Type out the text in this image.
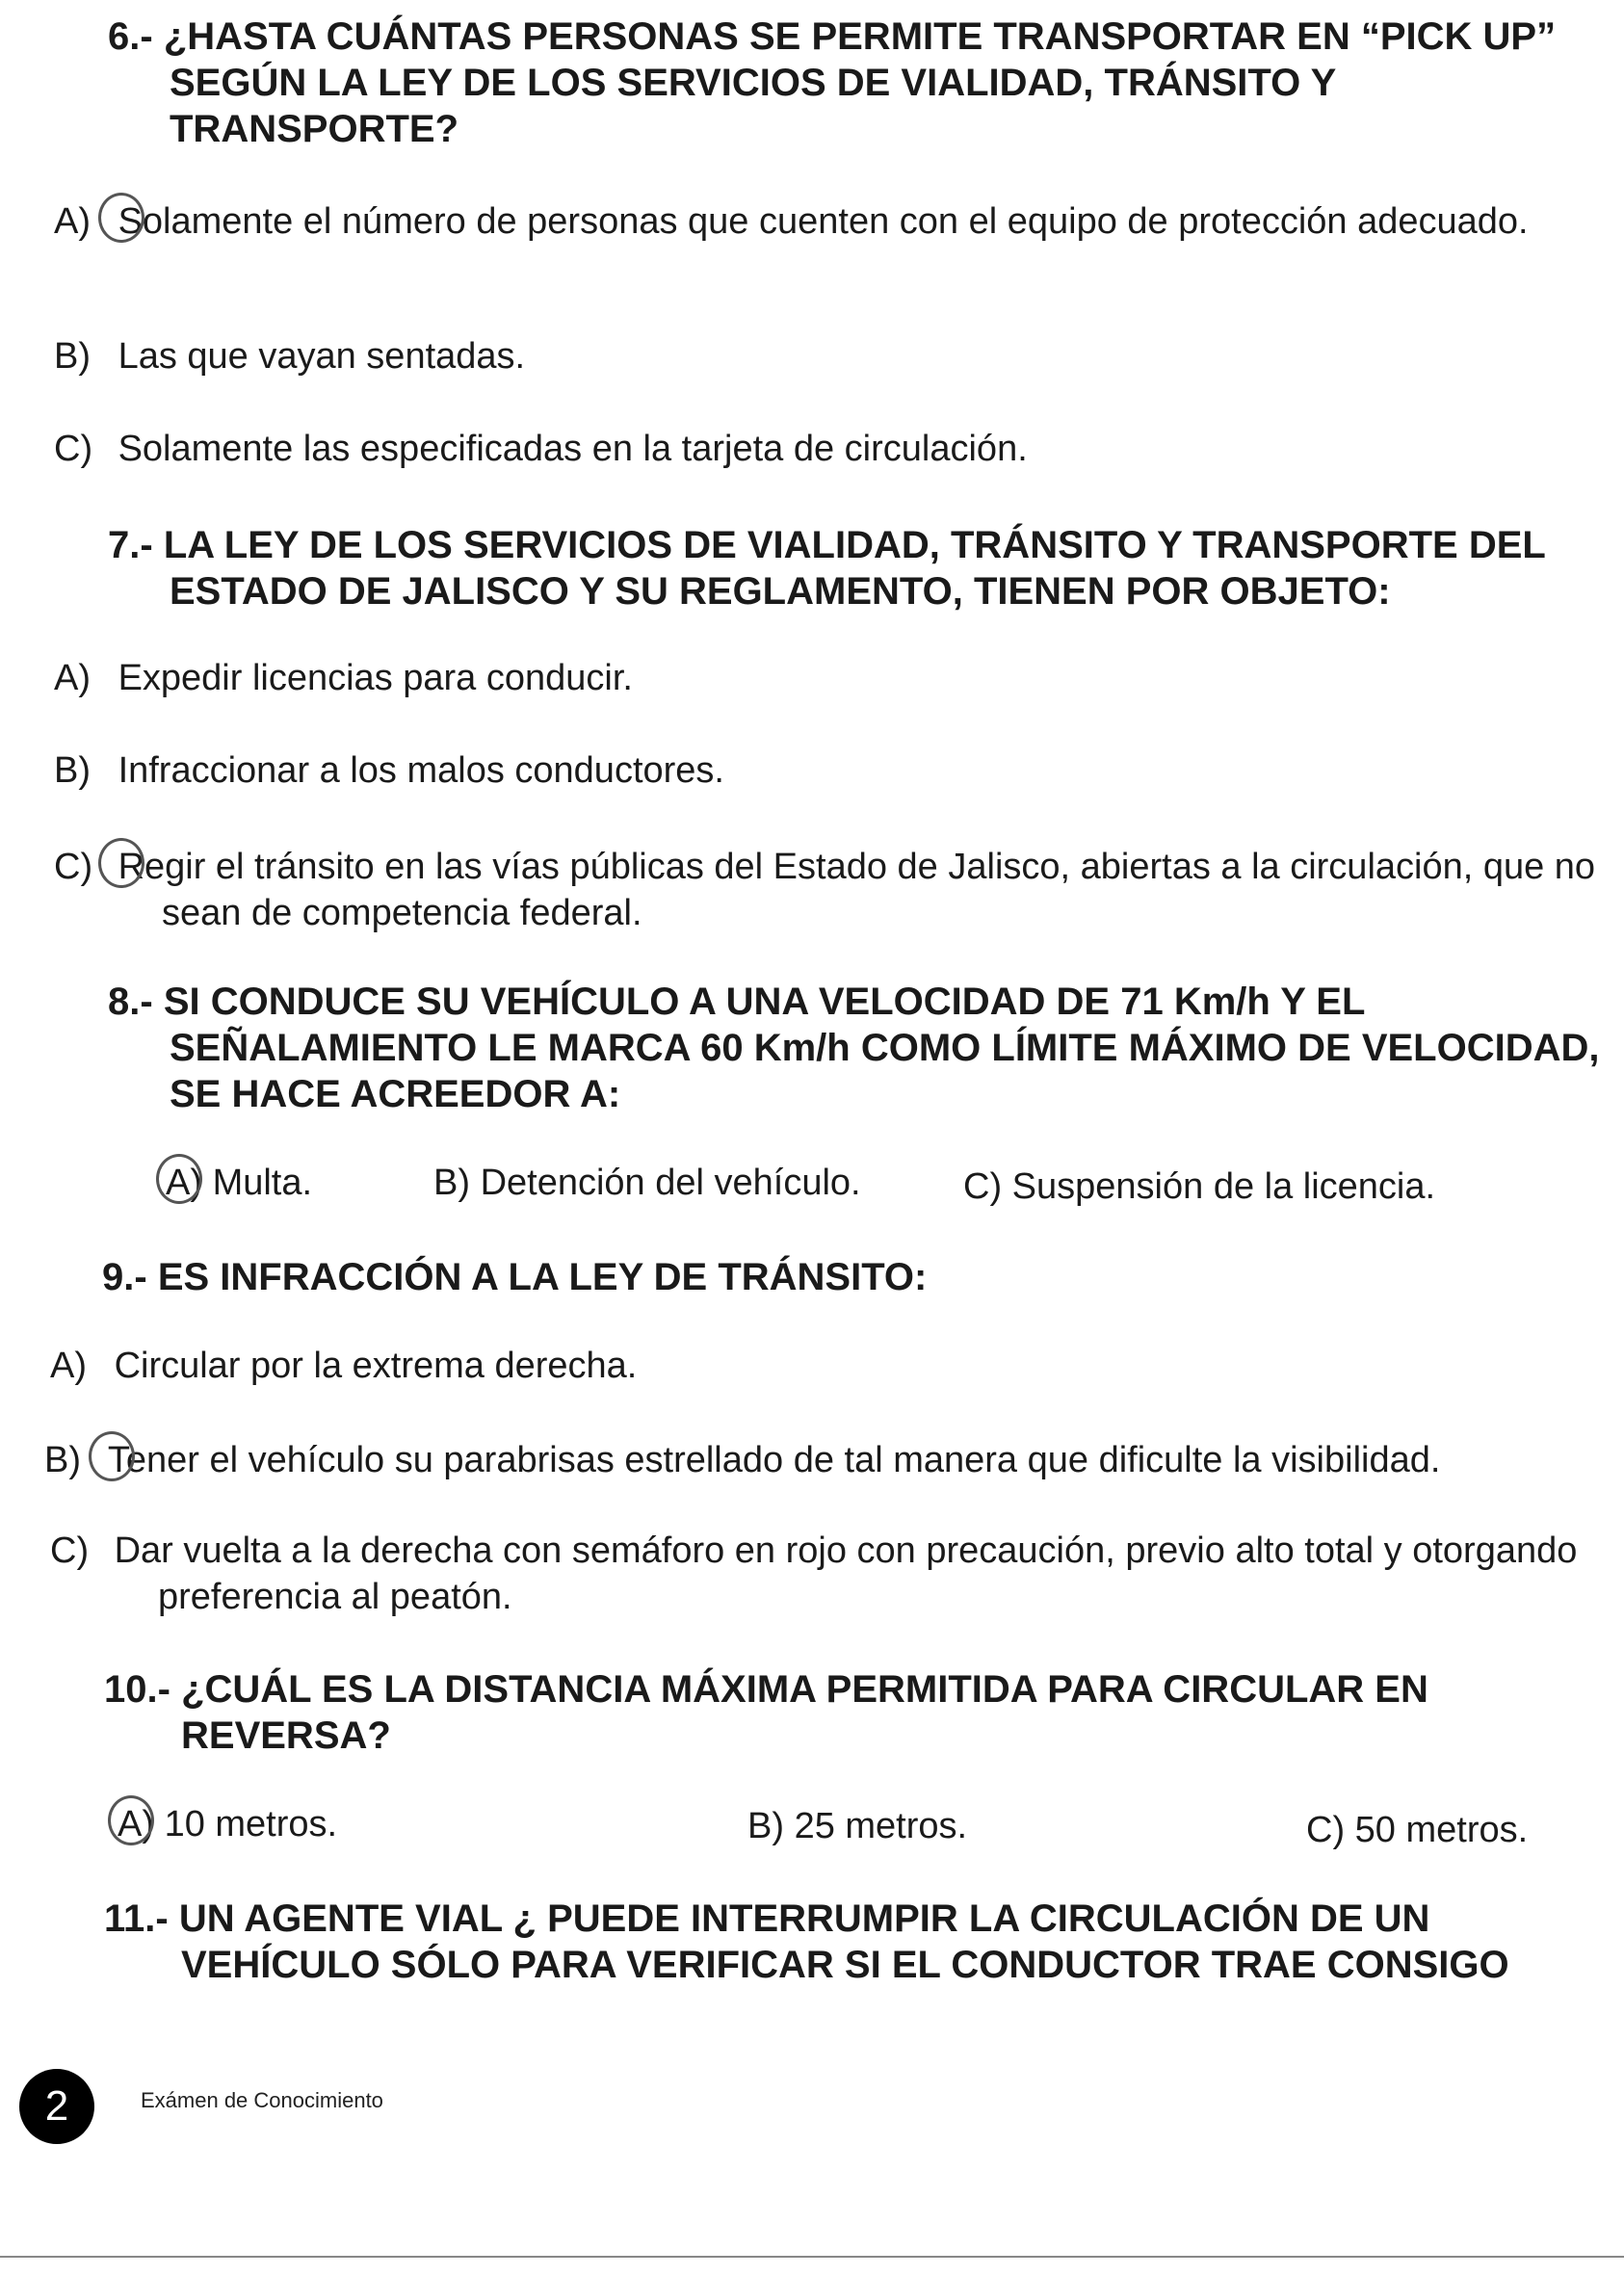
6.- ¿HASTA CUÁNTAS PERSONAS SE PERMITE TRANSPORTAR EN “PICK UP” SEGÚN LA LEY DE LOS SERVICIOS DE VIALIDAD, TRÁNSITO Y TRANSPORTE?
A) Solamente el número de personas que cuenten con el equipo de protección adecuado.
B) Las que vayan sentadas.
C) Solamente las especificadas en la tarjeta de circulación.
7.- LA LEY DE LOS SERVICIOS DE VIALIDAD, TRÁNSITO Y TRANSPORTE DEL ESTADO DE JALISCO Y SU REGLAMENTO, TIENEN POR OBJETO:
A) Expedir licencias para conducir.
B) Infraccionar a los malos conductores.
C) Regir el tránsito en las vías públicas del Estado de Jalisco, abiertas a la circulación, que no sean de competencia federal.
8.- SI CONDUCE SU VEHÍCULO A UNA VELOCIDAD DE 71 Km/h Y EL SEÑALAMIENTO LE MARCA 60 Km/h COMO LÍMITE MÁXIMO DE VELOCIDAD, SE HACE ACREEDOR A:
A) Multa.	B) Detención del vehículo.	C) Suspensión de la licencia.
9.- ES INFRACCIÓN A LA LEY DE TRÁNSITO:
A) Circular por la extrema derecha.
B) Tener el vehículo su parabrisas estrellado de tal manera que dificulte la visibilidad.
C) Dar vuelta a la derecha con semáforo en rojo con precaución, previo alto total y otorgando preferencia al peatón.
10.- ¿CUÁL ES LA DISTANCIA MÁXIMA PERMITIDA PARA CIRCULAR EN REVERSA?
A) 10 metros.	B) 25 metros.	C) 50 metros.
11.- UN AGENTE VIAL ¿ PUEDE INTERRUMPIR LA CIRCULACIÓN DE UN VEHÍCULO SÓLO PARA VERIFICAR SI EL CONDUCTOR TRAE CONSIGO
2	Exámen de Conocimiento
